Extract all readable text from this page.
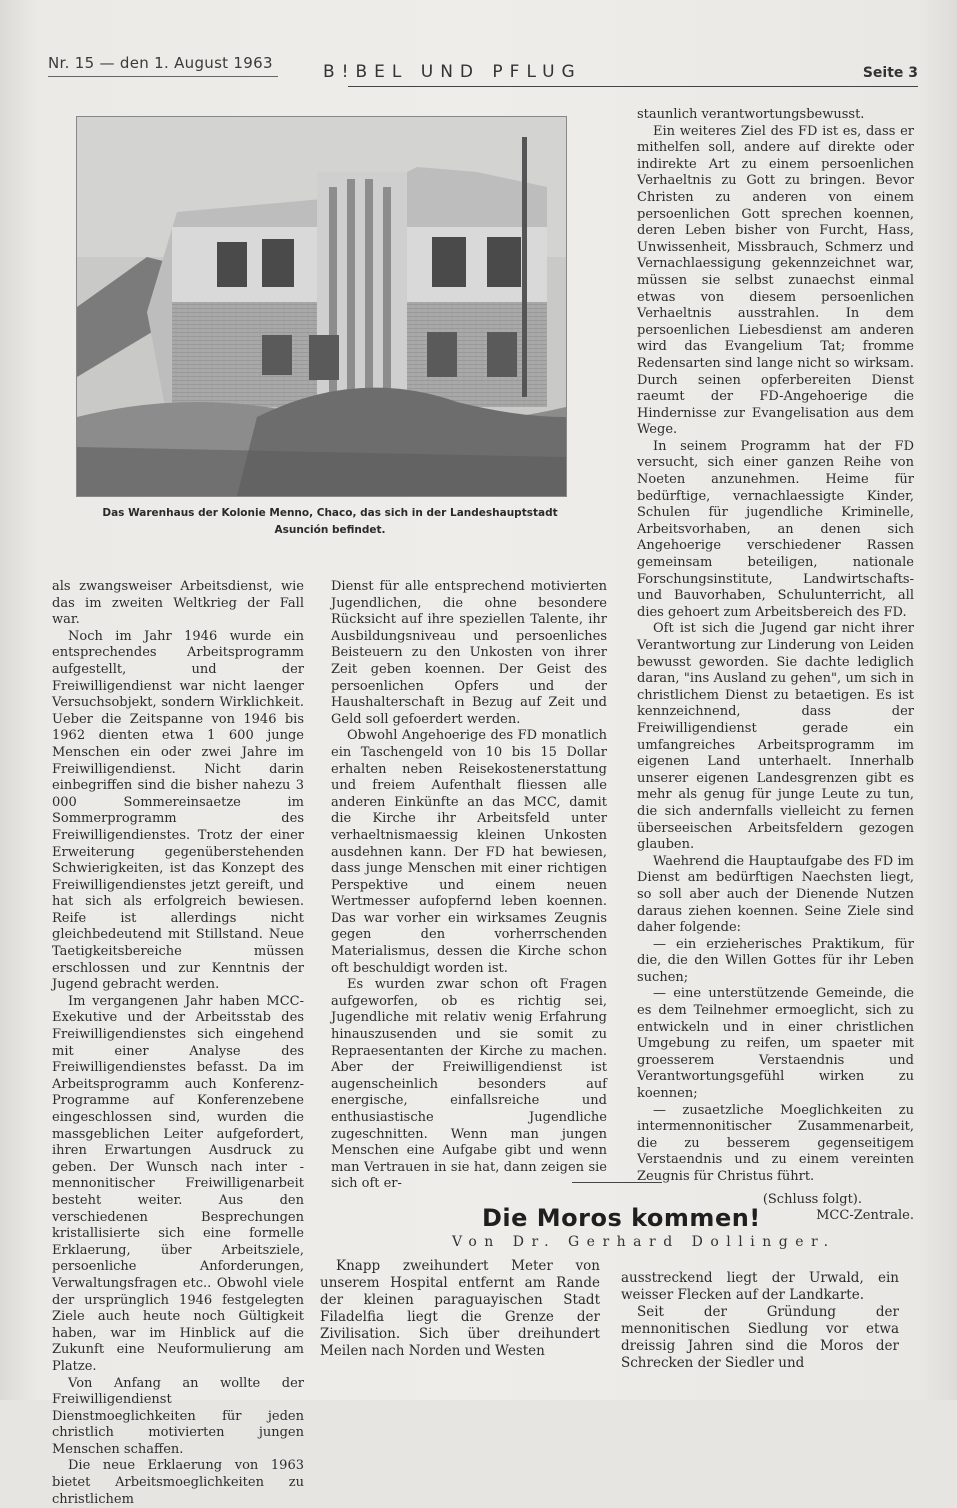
Nr. 15 — den 1. August 1963	B!BEL UND PFLUG	Seite 3
Das Warenhaus der Kolonie Menno, Chaco, das sich in der Landeshauptstadt
Asunción befindet.

als zwangsweiser Arbeitsdienst, wie das im zweiten Weltkrieg der Fall war.

Noch im Jahr 1946 wurde ein entsprechendes Arbeitsprogramm aufgestellt, und der Freiwilligendienst war nicht laenger Versuchsobjekt, sondern Wirklichkeit. Ueber die Zeitspanne von 1946 bis 1962 dienten etwa 1 600 junge Menschen ein oder zwei Jahre im Freiwilligendienst. Nicht darin einbegriffen sind die bisher nahezu 3 000 Sommereinsaetze im Sommerprogramm des Freiwilligendienstes. Trotz der einer Erweiterung gegenüberstehenden Schwierigkeiten, ist das Konzept des Freiwilligendienstes jetzt gereift, und hat sich als erfolgreich bewiesen. Reife ist allerdings nicht gleichbedeutend mit Stillstand. Neue Taetigkeitsbereiche müssen erschlossen und zur Kenntnis der Jugend gebracht werden.

Im vergangenen Jahr haben MCC-Exekutive und der Arbeitsstab des Freiwilligendienstes sich eingehend mit einer Analyse des Freiwilligendienstes befasst. Da im Arbeitsprogramm auch Konferenz-Programme auf Konferenzebene eingeschlossen sind, wurden die massgeblichen Leiter aufgefordert, ihren Erwartungen Ausdruck zu geben. Der Wunsch nach inter - mennonitischer Freiwilligenarbeit besteht weiter. Aus den verschiedenen Besprechungen kristallisierte sich eine formelle Erklaerung, über Arbeitsziele, persoenliche Anforderungen, Verwaltungsfragen etc.. Obwohl viele der ursprünglich 1946 festgelegten Ziele auch heute noch Gültigkeit haben, war im Hinblick auf die Zukunft eine Neuformulierung am Platze.

Von Anfang an wollte der Freiwilligendienst Dienstmoeglichkeiten für jeden christlich motivierten jungen Menschen schaffen.

Die neue Erklaerung von 1963 bietet Arbeitsmoeglichkeiten zu christlichem

Dienst für alle entsprechend motivierten Jugendlichen, die ohne besondere Rücksicht auf ihre speziellen Talente, ihr Ausbildungsniveau und persoenliches Beisteuern zu den Unkosten von ihrer Zeit geben koennen. Der Geist des persoenlichen Opfers und der Haushalterschaft in Bezug auf Zeit und Geld soll gefoerdert werden.

Obwohl Angehoerige des FD monatlich ein Taschengeld von 10 bis 15 Dollar erhalten neben Reisekostenerstattung und freiem Aufenthalt fliessen alle anderen Einkünfte an das MCC, damit die Kirche ihr Arbeitsfeld unter verhaeltnismaessig kleinen Unkosten ausdehnen kann. Der FD hat bewiesen, dass junge Menschen mit einer richtigen Perspektive und einem neuen Wertmesser aufopfernd leben koennen. Das war vorher ein wirksames Zeugnis gegen den vorherrschenden Materialismus, dessen die Kirche schon oft beschuldigt worden ist.

Es wurden zwar schon oft Fragen aufgeworfen, ob es richtig sei, Jugendliche mit relativ wenig Erfahrung hinauszusenden und sie somit zu Repraesentanten der Kirche zu machen. Aber der Freiwilligendienst ist augenscheinlich besonders auf energische, einfallsreiche und enthusiastische Jugendliche zugeschnitten. Wenn man jungen Menschen eine Aufgabe gibt und wenn man Vertrauen in sie hat, dann zeigen sie sich oft er-

staunlich verantwortungsbewusst.

Ein weiteres Ziel des FD ist es, dass er mithelfen soll, andere auf direkte oder indirekte Art zu einem persoenlichen Verhaeltnis zu Gott zu bringen. Bevor Christen zu anderen von einem persoenlichen Gott sprechen koennen, deren Leben bisher von Furcht, Hass, Unwissenheit, Missbrauch, Schmerz und Vernachlaessigung gekennzeichnet war, müssen sie selbst zunaechst einmal etwas von diesem persoenlichen Verhaeltnis ausstrahlen. In dem persoenlichen Liebesdienst am anderen wird das Evangelium Tat; fromme Redensarten sind lange nicht so wirksam. Durch seinen opferbereiten Dienst raeumt der FD-Angehoerige die Hindernisse zur Evangelisation aus dem Wege.

In seinem Programm hat der FD versucht, sich einer ganzen Reihe von Noeten anzunehmen. Heime für bedürftige, vernachlaessigte Kinder, Schulen für jugendliche Kriminelle, Arbeitsvorhaben, an denen sich Angehoerige verschiedener Rassen gemeinsam beteiligen, nationale Forschungsinstitute, Landwirtschafts- und Bauvorhaben, Schulunterricht, all dies gehoert zum Arbeitsbereich des FD.

Oft ist sich die Jugend gar nicht ihrer Verantwortung zur Linderung von Leiden bewusst geworden. Sie dachte lediglich daran, "ins Ausland zu gehen", um sich in christlichem Dienst zu betaetigen. Es ist kennzeichnend, dass der Freiwilligendienst gerade ein umfangreiches Arbeitsprogramm im eigenen Land unterhaelt. Innerhalb unserer eigenen Landesgrenzen gibt es mehr als genug für junge Leute zu tun, die sich andernfalls vielleicht zu fernen überseeischen Arbeitsfeldern gezogen glauben.

Waehrend die Hauptaufgabe des FD im Dienst am bedürftigen Naechsten liegt, so soll aber auch der Dienende Nutzen daraus ziehen koennen. Seine Ziele sind daher folgende:

— ein erzieherisches Praktikum, für die, die den Willen Gottes für ihr Leben suchen;

— eine unterstützende Gemeinde, die es dem Teilnehmer ermoeglicht, sich zu entwickeln und in einer christlichen Umgebung zu reifen, um spaeter mit groesserem Verstaendnis und Verantwortungsgefühl wirken zu koennen;

— zusaetzliche Moeglichkeiten zu intermennonitischer Zusammenarbeit, die zu besserem gegenseitigem Verstaendnis und zu einem vereinten Zeugnis für Christus führt.

(Schluss folgt).

MCC-Zentrale.

Die Moros kommen!
Von Dr. Gerhard Dollinger.

Knapp zweihundert Meter von unserem Hospital entfernt am Rande der kleinen paraguayischen Stadt Filadelfia liegt die Grenze der Zivilisation. Sich über dreihundert Meilen nach Norden und Westen

ausstreckend liegt der Urwald, ein weisser Flecken auf der Landkarte.

Seit der Gründung der mennonitischen Siedlung vor etwa dreissig Jahren sind die Moros der Schrecken der Siedler und
